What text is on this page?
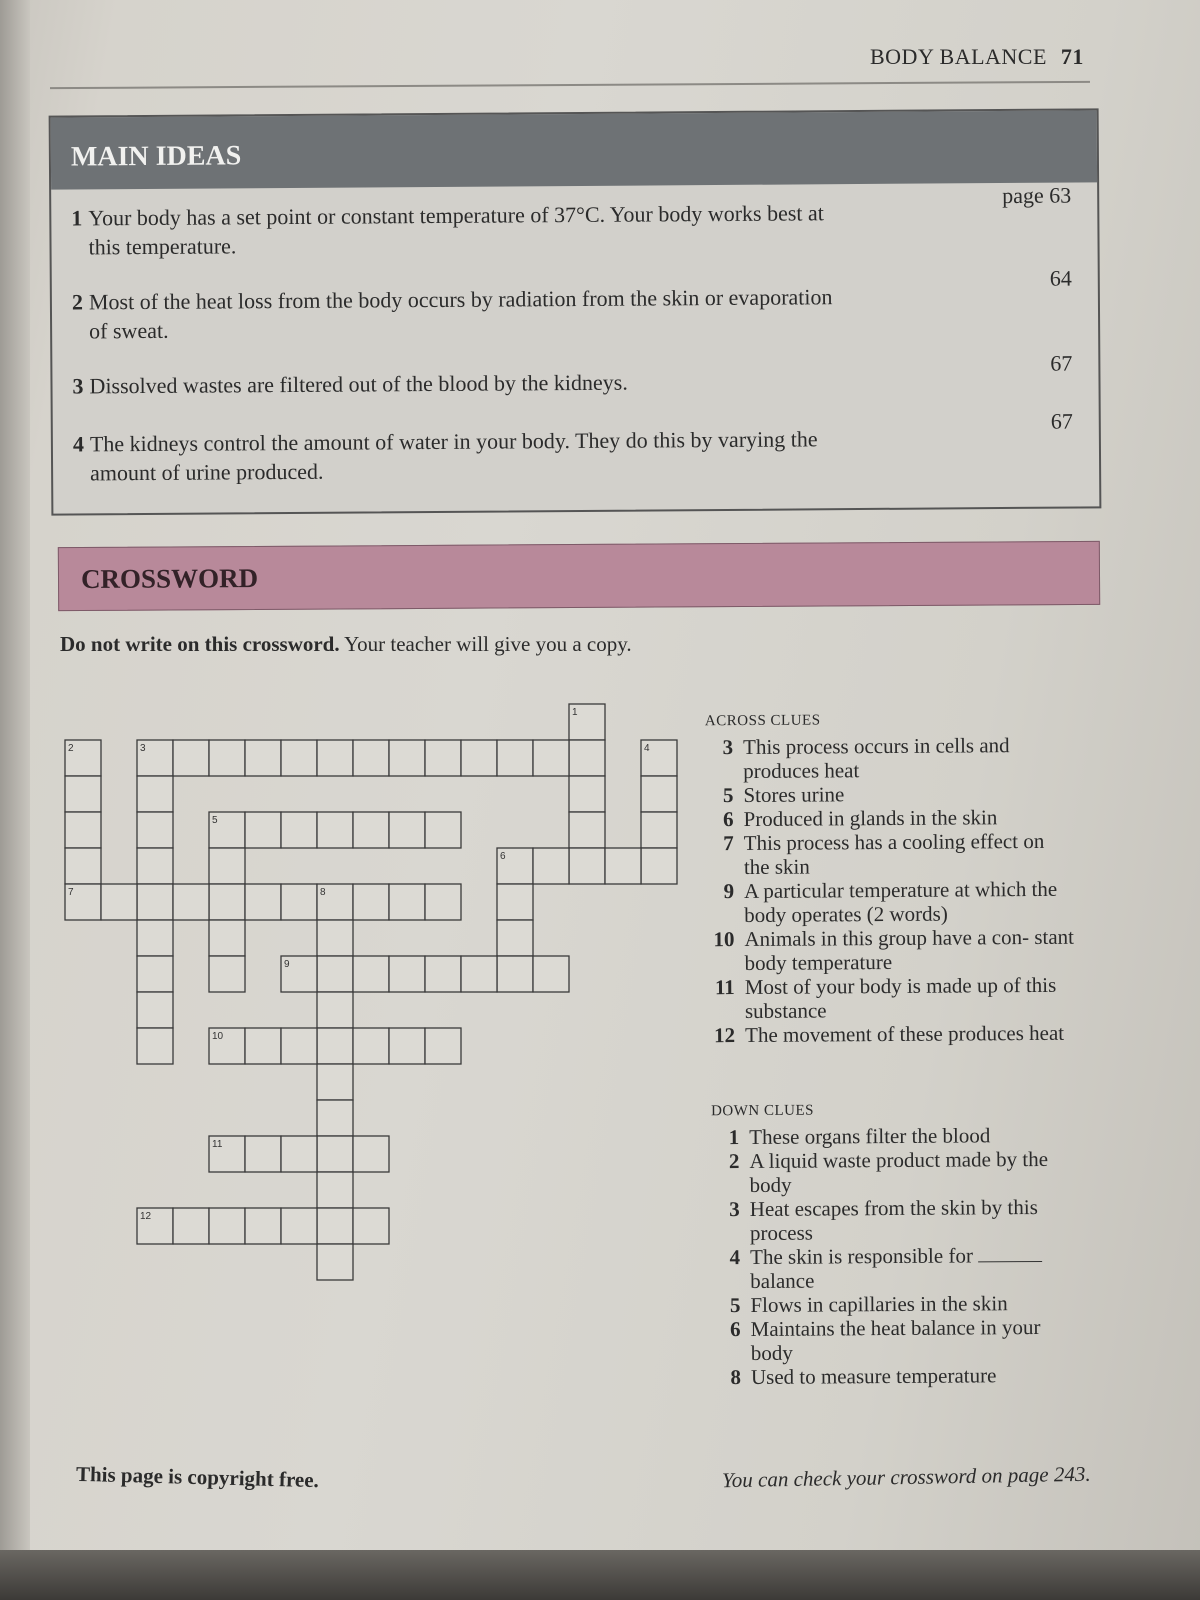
BODY BALANCE 71
MAIN IDEAS
1 Your body has a set point or constant temperature of 37°C. Your body works best at this temperature.
page 63
2 Most of the heat loss from the body occurs by radiation from the skin or evaporation of sweat.
64
3 Dissolved wastes are filtered out of the blood by the kidneys.
67
4 The kidneys control the amount of water in your body. They do this by varying the amount of urine produced.
67
CROSSWORD
Do not write on this crossword. Your teacher will give you a copy.
1
2	3	4
5
6
7	8
9
10
11
12
ACROSS CLUES
3 This process occurs in cells and produces heat
5 Stores urine
6 Produced in glands in the skin
7 This process has a cooling effect on the skin
9 A particular temperature at which the body operates (2 words)
10 Animals in this group have a con- stant body temperature
11 Most of your body is made up of this substance
12 The movement of these produces heat
DOWN CLUES
1 These organs filter the blood
2 A liquid waste product made by the body
3 Heat escapes from the skin by this process
4 The skin is responsible for  balance
5 Flows in capillaries in the skin
6 Maintains the heat balance in your body
8 Used to measure temperature
This page is copyright free.	You can check your crossword on page 243.
